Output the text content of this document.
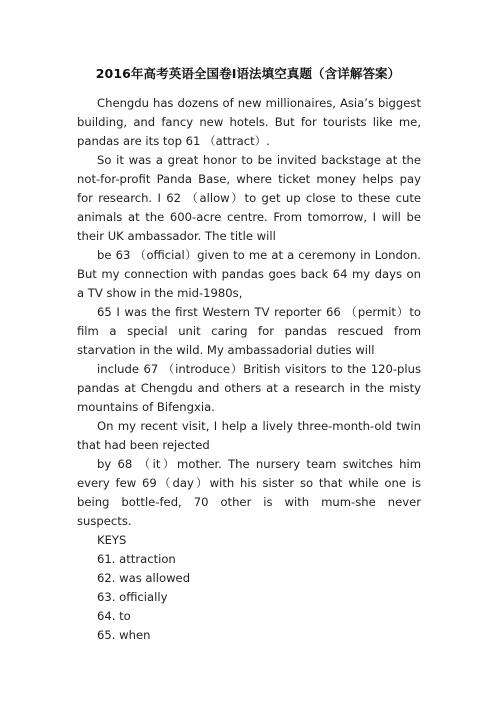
2016年高考英语全国卷Ⅰ语法填空真题（含详解答案）

Chengdu has dozens of new millionaires, Asia’s biggest building, and fancy new hotels. But for tourists like me, pandas are its top 61 （attract）.

So it was a great honor to be invited backstage at the not-for-profit Panda Base, where ticket money helps pay for research. I 62 （allow）to get up close to these cute animals at the 600-acre centre. From tomorrow, I will be their UK ambassador. The title will

be 63 （official）given to me at a ceremony in London. But my connection with pandas goes back 64 my days on a TV show in the mid-1980s,

65 I was the first Western TV reporter 66 （permit）to film a special unit caring for pandas rescued from starvation in the wild. My ambassadorial duties will

include 67 （introduce）British visitors to the 120-plus pandas at Chengdu and others at a research in the misty mountains of Bifengxia.

On my recent visit, I help a lively three-month-old twin that had been rejected

by 68 （it）mother. The nursery team switches him every few 69（day）with his sister so that while one is being bottle-fed, 70 other is with mum-she never suspects.

KEYS
61. attraction
62. was allowed
63. officially
64. to
65. when
